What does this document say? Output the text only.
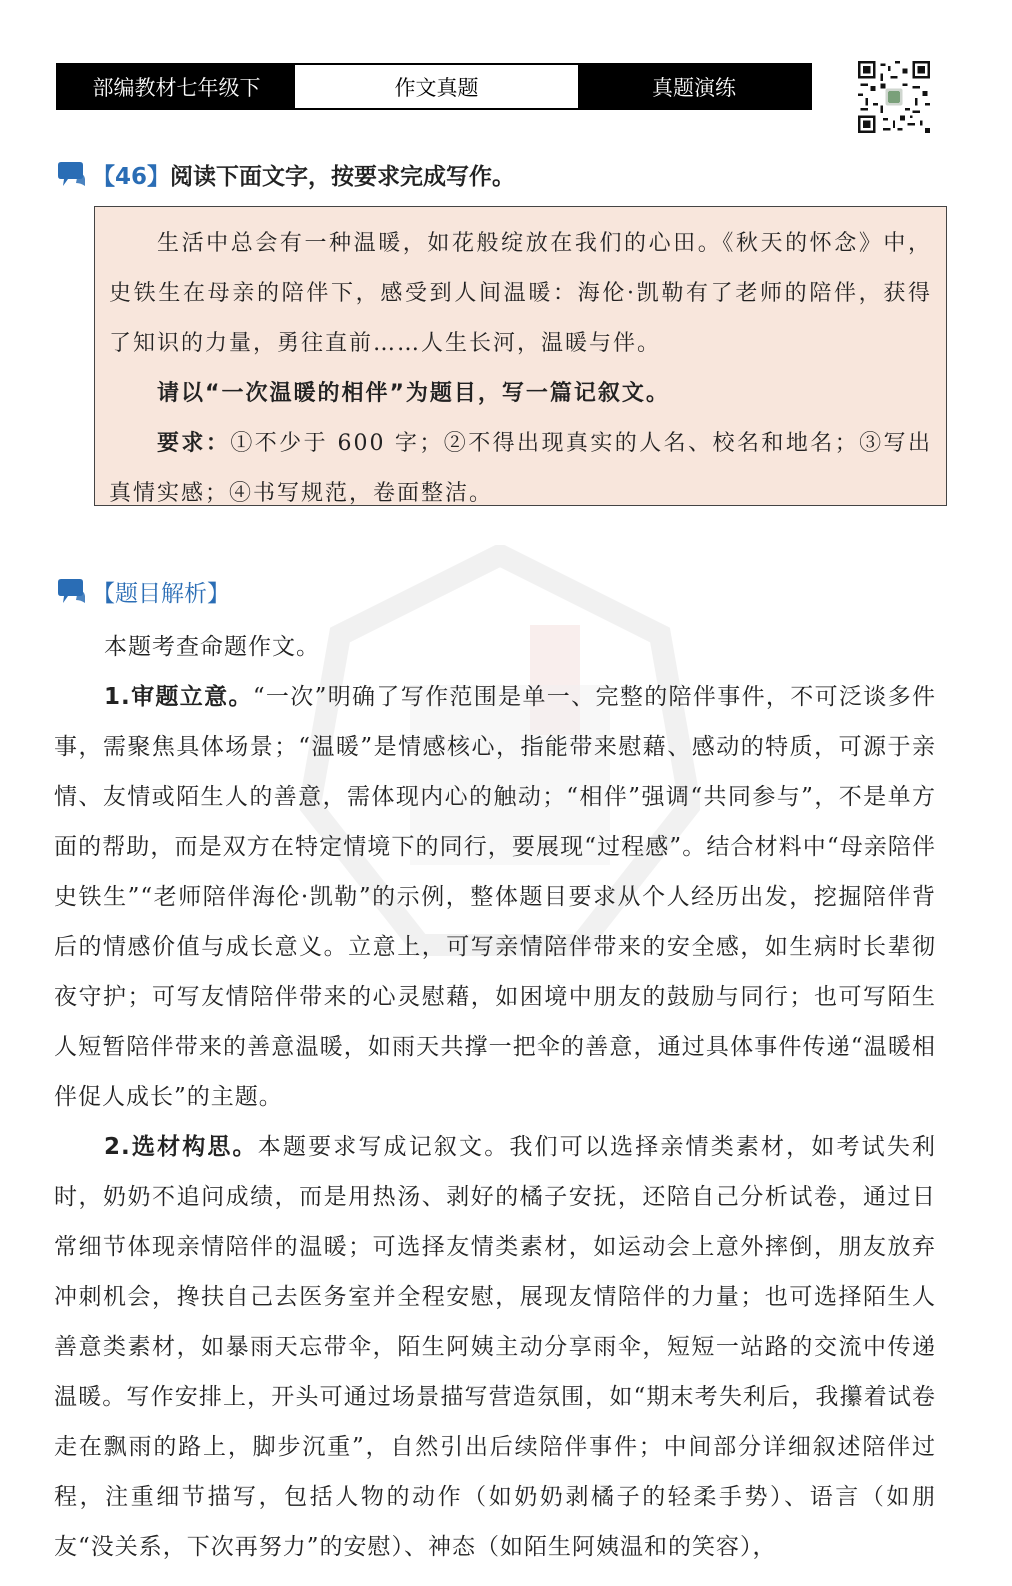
部编教材七年级下	作文真题	真题演练
【46】 阅读下面文字，按要求完成写作。

生活中总会有一种温暖，如花般绽放在我们的心田。《秋天的怀念》中，史铁生在母亲的陪伴下，感受到人间温暖：海伦·凯勒有了老师的陪伴，获得了知识的力量，勇往直前……人生长河，温暖与伴。

请以“一次温暖的相伴”为题目，写一篇记叙文。

要求：①不少于 600 字；②不得出现真实的人名、校名和地名；③写出真情实感；④书写规范，卷面整洁。

【题目解析】

本题考查命题作文。

1.审题立意。“一次”明确了写作范围是单一、完整的陪伴事件，不可泛谈多件事，需聚焦具体场景；“温暖”是情感核心，指能带来慰藉、感动的特质，可源于亲情、友情或陌生人的善意，需体现内心的触动；“相伴”强调“共同参与”，不是单方面的帮助，而是双方在特定情境下的同行，要展现“过程感”。结合材料中“母亲陪伴史铁生”“老师陪伴海伦·凯勒”的示例，整体题目要求从个人经历出发，挖掘陪伴背后的情感价值与成长意义。立意上，可写亲情陪伴带来的安全感，如生病时长辈彻夜守护；可写友情陪伴带来的心灵慰藉，如困境中朋友的鼓励与同行；也可写陌生人短暂陪伴带来的善意温暖，如雨天共撑一把伞的善意，通过具体事件传递“温暖相伴促人成长”的主题。

2.选材构思。本题要求写成记叙文。我们可以选择亲情类素材，如考试失利时，奶奶不追问成绩，而是用热汤、剥好的橘子安抚，还陪自己分析试卷，通过日常细节体现亲情陪伴的温暖；可选择友情类素材，如运动会上意外摔倒，朋友放弃冲刺机会，搀扶自己去医务室并全程安慰，展现友情陪伴的力量；也可选择陌生人善意类素材，如暴雨天忘带伞，陌生阿姨主动分享雨伞，短短一站路的交流中传递温暖。写作安排上，开头可通过场景描写营造氛围，如“期末考失利后，我攥着试卷走在飘雨的路上，脚步沉重”，自然引出后续陪伴事件；中间部分详细叙述陪伴过程，注重细节描写，包括人物的动作（如奶奶剥橘子的轻柔手势）、语言（如朋友“没关系，下次再努力”的安慰）、神态（如陌生阿姨温和的笑容），
